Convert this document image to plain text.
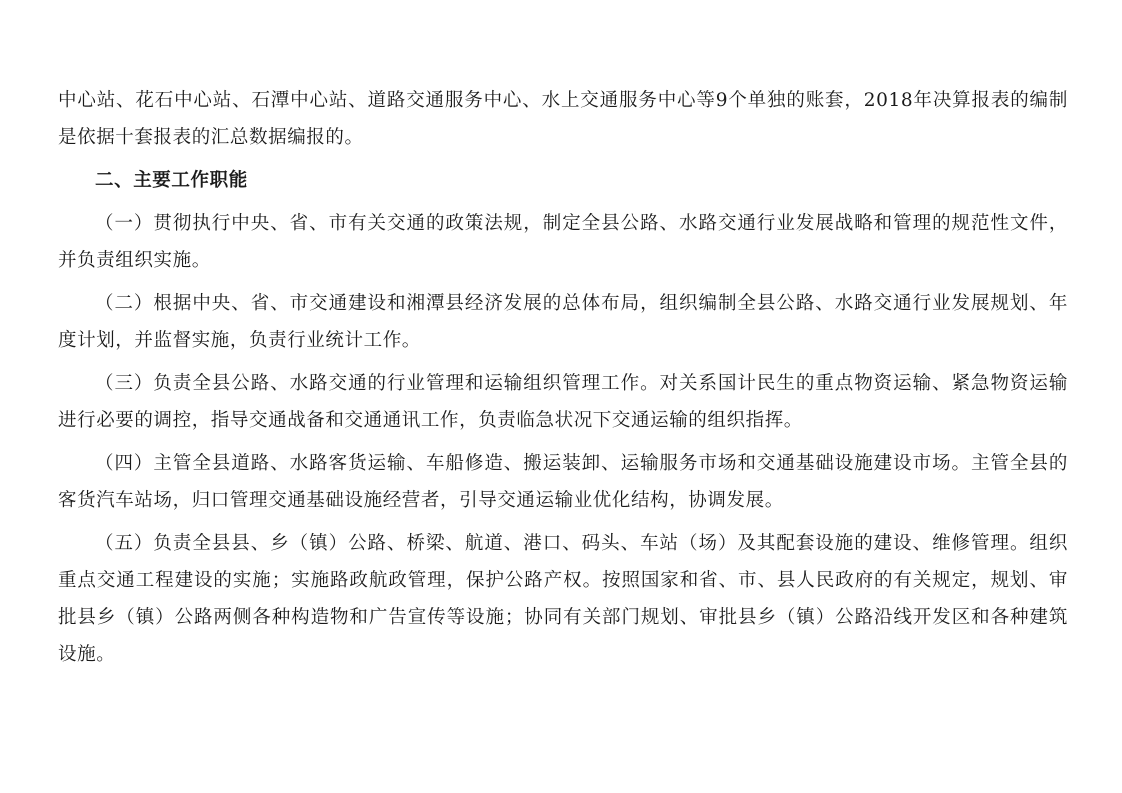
中心站、花石中心站、石潭中心站、道路交通服务中心、水上交通服务中心等9个单独的账套，2018年决算报表的编制是依据十套报表的汇总数据编报的。

二、主要工作职能

（一）贯彻执行中央、省、市有关交通的政策法规，制定全县公路、水路交通行业发展战略和管理的规范性文件，并负责组织实施。

（二）根据中央、省、市交通建设和湘潭县经济发展的总体布局，组织编制全县公路、水路交通行业发展规划、年度计划，并监督实施，负责行业统计工作。

（三）负责全县公路、水路交通的行业管理和运输组织管理工作。对关系国计民生的重点物资运输、紧急物资运输进行必要的调控，指导交通战备和交通通讯工作，负责临急状况下交通运输的组织指挥。

（四）主管全县道路、水路客货运输、车船修造、搬运装卸、运输服务市场和交通基础设施建设市场。主管全县的客货汽车站场，归口管理交通基础设施经营者，引导交通运输业优化结构，协调发展。

（五）负责全县县、乡（镇）公路、桥梁、航道、港口、码头、车站（场）及其配套设施的建设、维修管理。组织重点交通工程建设的实施；实施路政航政管理，保护公路产权。按照国家和省、市、县人民政府的有关规定，规划、审批县乡（镇）公路两侧各种构造物和广告宣传等设施；协同有关部门规划、审批县乡（镇）公路沿线开发区和各种建筑设施。
